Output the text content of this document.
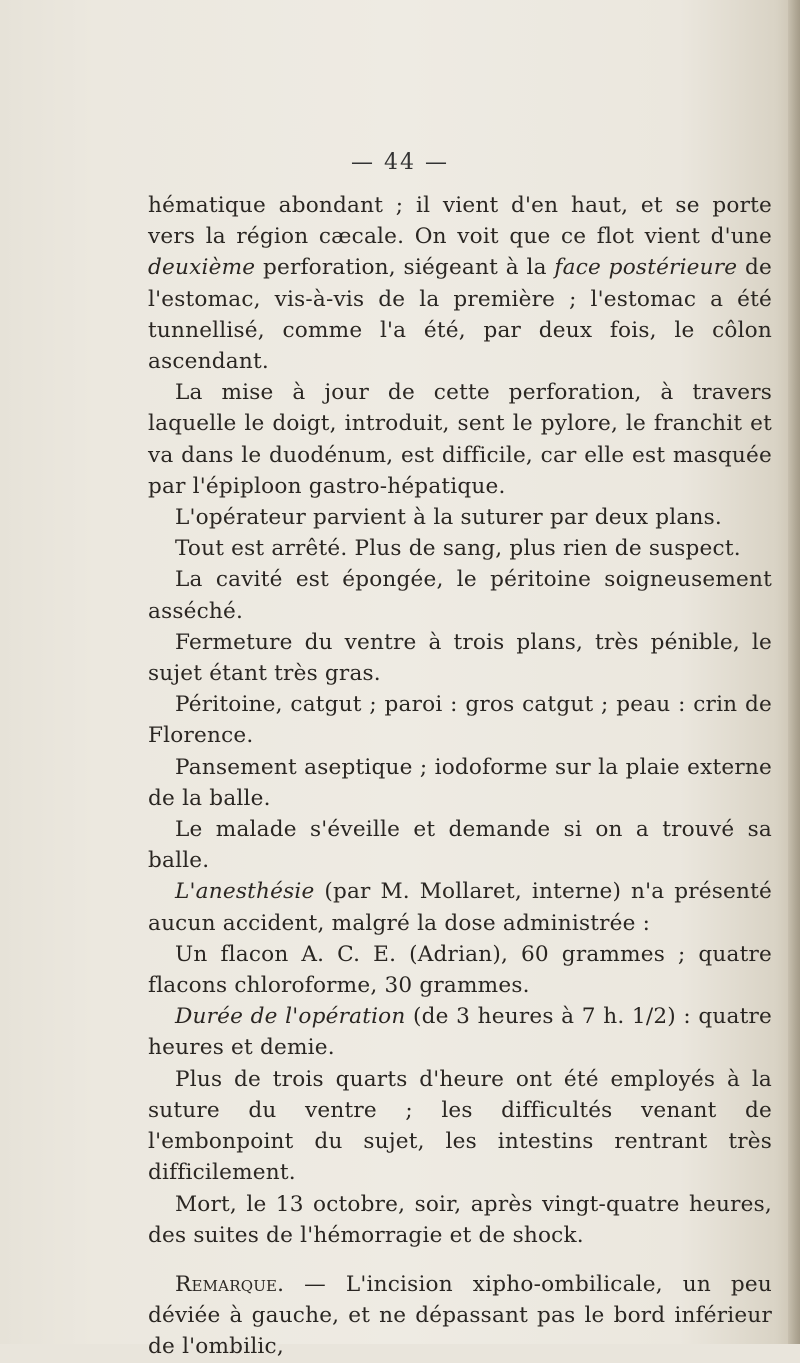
— 44 —

hématique abondant ; il vient d'en haut, et se porte vers la région cæcale. On voit que ce flot vient d'une deuxième perforation, siégeant à la face postérieure de l'estomac, vis-à-vis de la première ; l'estomac a été tunnellisé, comme l'a été, par deux fois, le côlon ascendant.

La mise à jour de cette perforation, à travers laquelle le doigt, introduit, sent le pylore, le franchit et va dans le duodénum, est difficile, car elle est masquée par l'épiploon gastro-hépatique.

L'opérateur parvient à la suturer par deux plans.

Tout est arrêté. Plus de sang, plus rien de suspect.

La cavité est épongée, le péritoine soigneusement asséché.

Fermeture du ventre à trois plans, très pénible, le sujet étant très gras.

Péritoine, catgut ; paroi : gros catgut ; peau : crin de Florence.

Pansement aseptique ; iodoforme sur la plaie externe de la balle.

Le malade s'éveille et demande si on a trouvé sa balle.

L'anesthésie (par M. Mollaret, interne) n'a présenté aucun accident, malgré la dose administrée :

Un flacon A. C. E. (Adrian), 60 grammes ; quatre flacons chloroforme, 30 grammes.

Durée de l'opération (de 3 heures à 7 h. 1/2) : quatre heures et demie.

Plus de trois quarts d'heure ont été employés à la suture du ventre ; les difficultés venant de l'embonpoint du sujet, les intestins rentrant très difficilement.

Mort, le 13 octobre, soir, après vingt-quatre heures, des suites de l'hémorragie et de shock.

Remarque. — L'incision xipho-ombilicale, un peu déviée à gauche, et ne dépassant pas le bord inférieur de l'ombilic,
